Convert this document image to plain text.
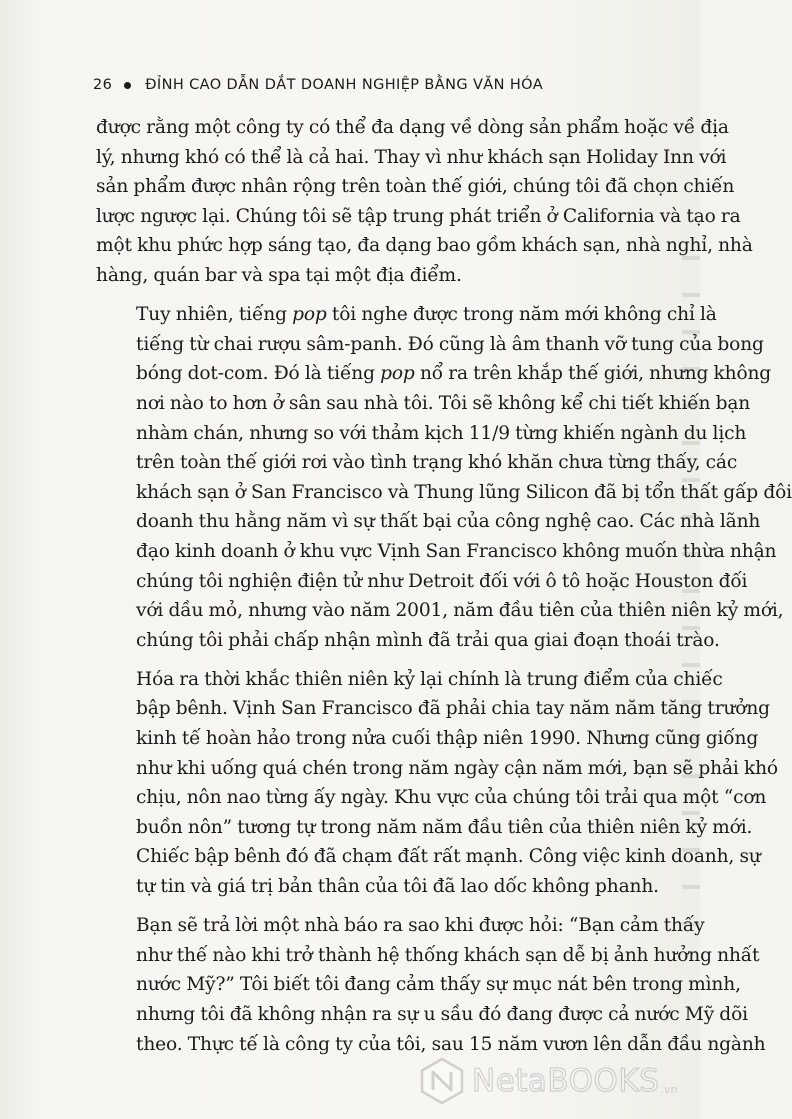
26 ĐỈNH CAO DẪN DẮT DOANH NGHIỆP BẰNG VĂN HÓA

được rằng một công ty có thể đa dạng về dòng sản phẩm hoặc về địa
lý, nhưng khó có thể là cả hai. Thay vì như khách sạn Holiday Inn với
sản phẩm được nhân rộng trên toàn thế giới, chúng tôi đã chọn chiến
lược ngược lại. Chúng tôi sẽ tập trung phát triển ở California và tạo ra
một khu phức hợp sáng tạo, đa dạng bao gồm khách sạn, nhà nghỉ, nhà
hàng, quán bar và spa tại một địa điểm.

Tuy nhiên, tiếng pop tôi nghe được trong năm mới không chỉ là
tiếng từ chai rượu sâm-panh. Đó cũng là âm thanh vỡ tung của bong
bóng dot-com. Đó là tiếng pop nổ ra trên khắp thế giới, nhưng không
nơi nào to hơn ở sân sau nhà tôi. Tôi sẽ không kể chi tiết khiến bạn
nhàm chán, nhưng so với thảm kịch 11/9 từng khiến ngành du lịch
trên toàn thế giới rơi vào tình trạng khó khăn chưa từng thấy, các
khách sạn ở San Francisco và Thung lũng Silicon đã bị tổn thất gấp đôi
doanh thu hằng năm vì sự thất bại của công nghệ cao. Các nhà lãnh
đạo kinh doanh ở khu vực Vịnh San Francisco không muốn thừa nhận
chúng tôi nghiện điện tử như Detroit đối với ô tô hoặc Houston đối
với dầu mỏ, nhưng vào năm 2001, năm đầu tiên của thiên niên kỷ mới,
chúng tôi phải chấp nhận mình đã trải qua giai đoạn thoái trào.

Hóa ra thời khắc thiên niên kỷ lại chính là trung điểm của chiếc
bập bênh. Vịnh San Francisco đã phải chia tay năm năm tăng trưởng
kinh tế hoàn hảo trong nửa cuối thập niên 1990. Nhưng cũng giống
như khi uống quá chén trong năm ngày cận năm mới, bạn sẽ phải khó
chịu, nôn nao từng ấy ngày. Khu vực của chúng tôi trải qua một “cơn
buồn nôn” tương tự trong năm năm đầu tiên của thiên niên kỷ mới.
Chiếc bập bênh đó đã chạm đất rất mạnh. Công việc kinh doanh, sự
tự tin và giá trị bản thân của tôi đã lao dốc không phanh.

Bạn sẽ trả lời một nhà báo ra sao khi được hỏi: “Bạn cảm thấy
như thế nào khi trở thành hệ thống khách sạn dễ bị ảnh hưởng nhất
nước Mỹ?” Tôi biết tôi đang cảm thấy sự mục nát bên trong mình,
nhưng tôi đã không nhận ra sự u sầu đó đang được cả nước Mỹ dõi
theo. Thực tế là công ty của tôi, sau 15 năm vươn lên dẫn đầu ngành

NetaBOOKS .vn
